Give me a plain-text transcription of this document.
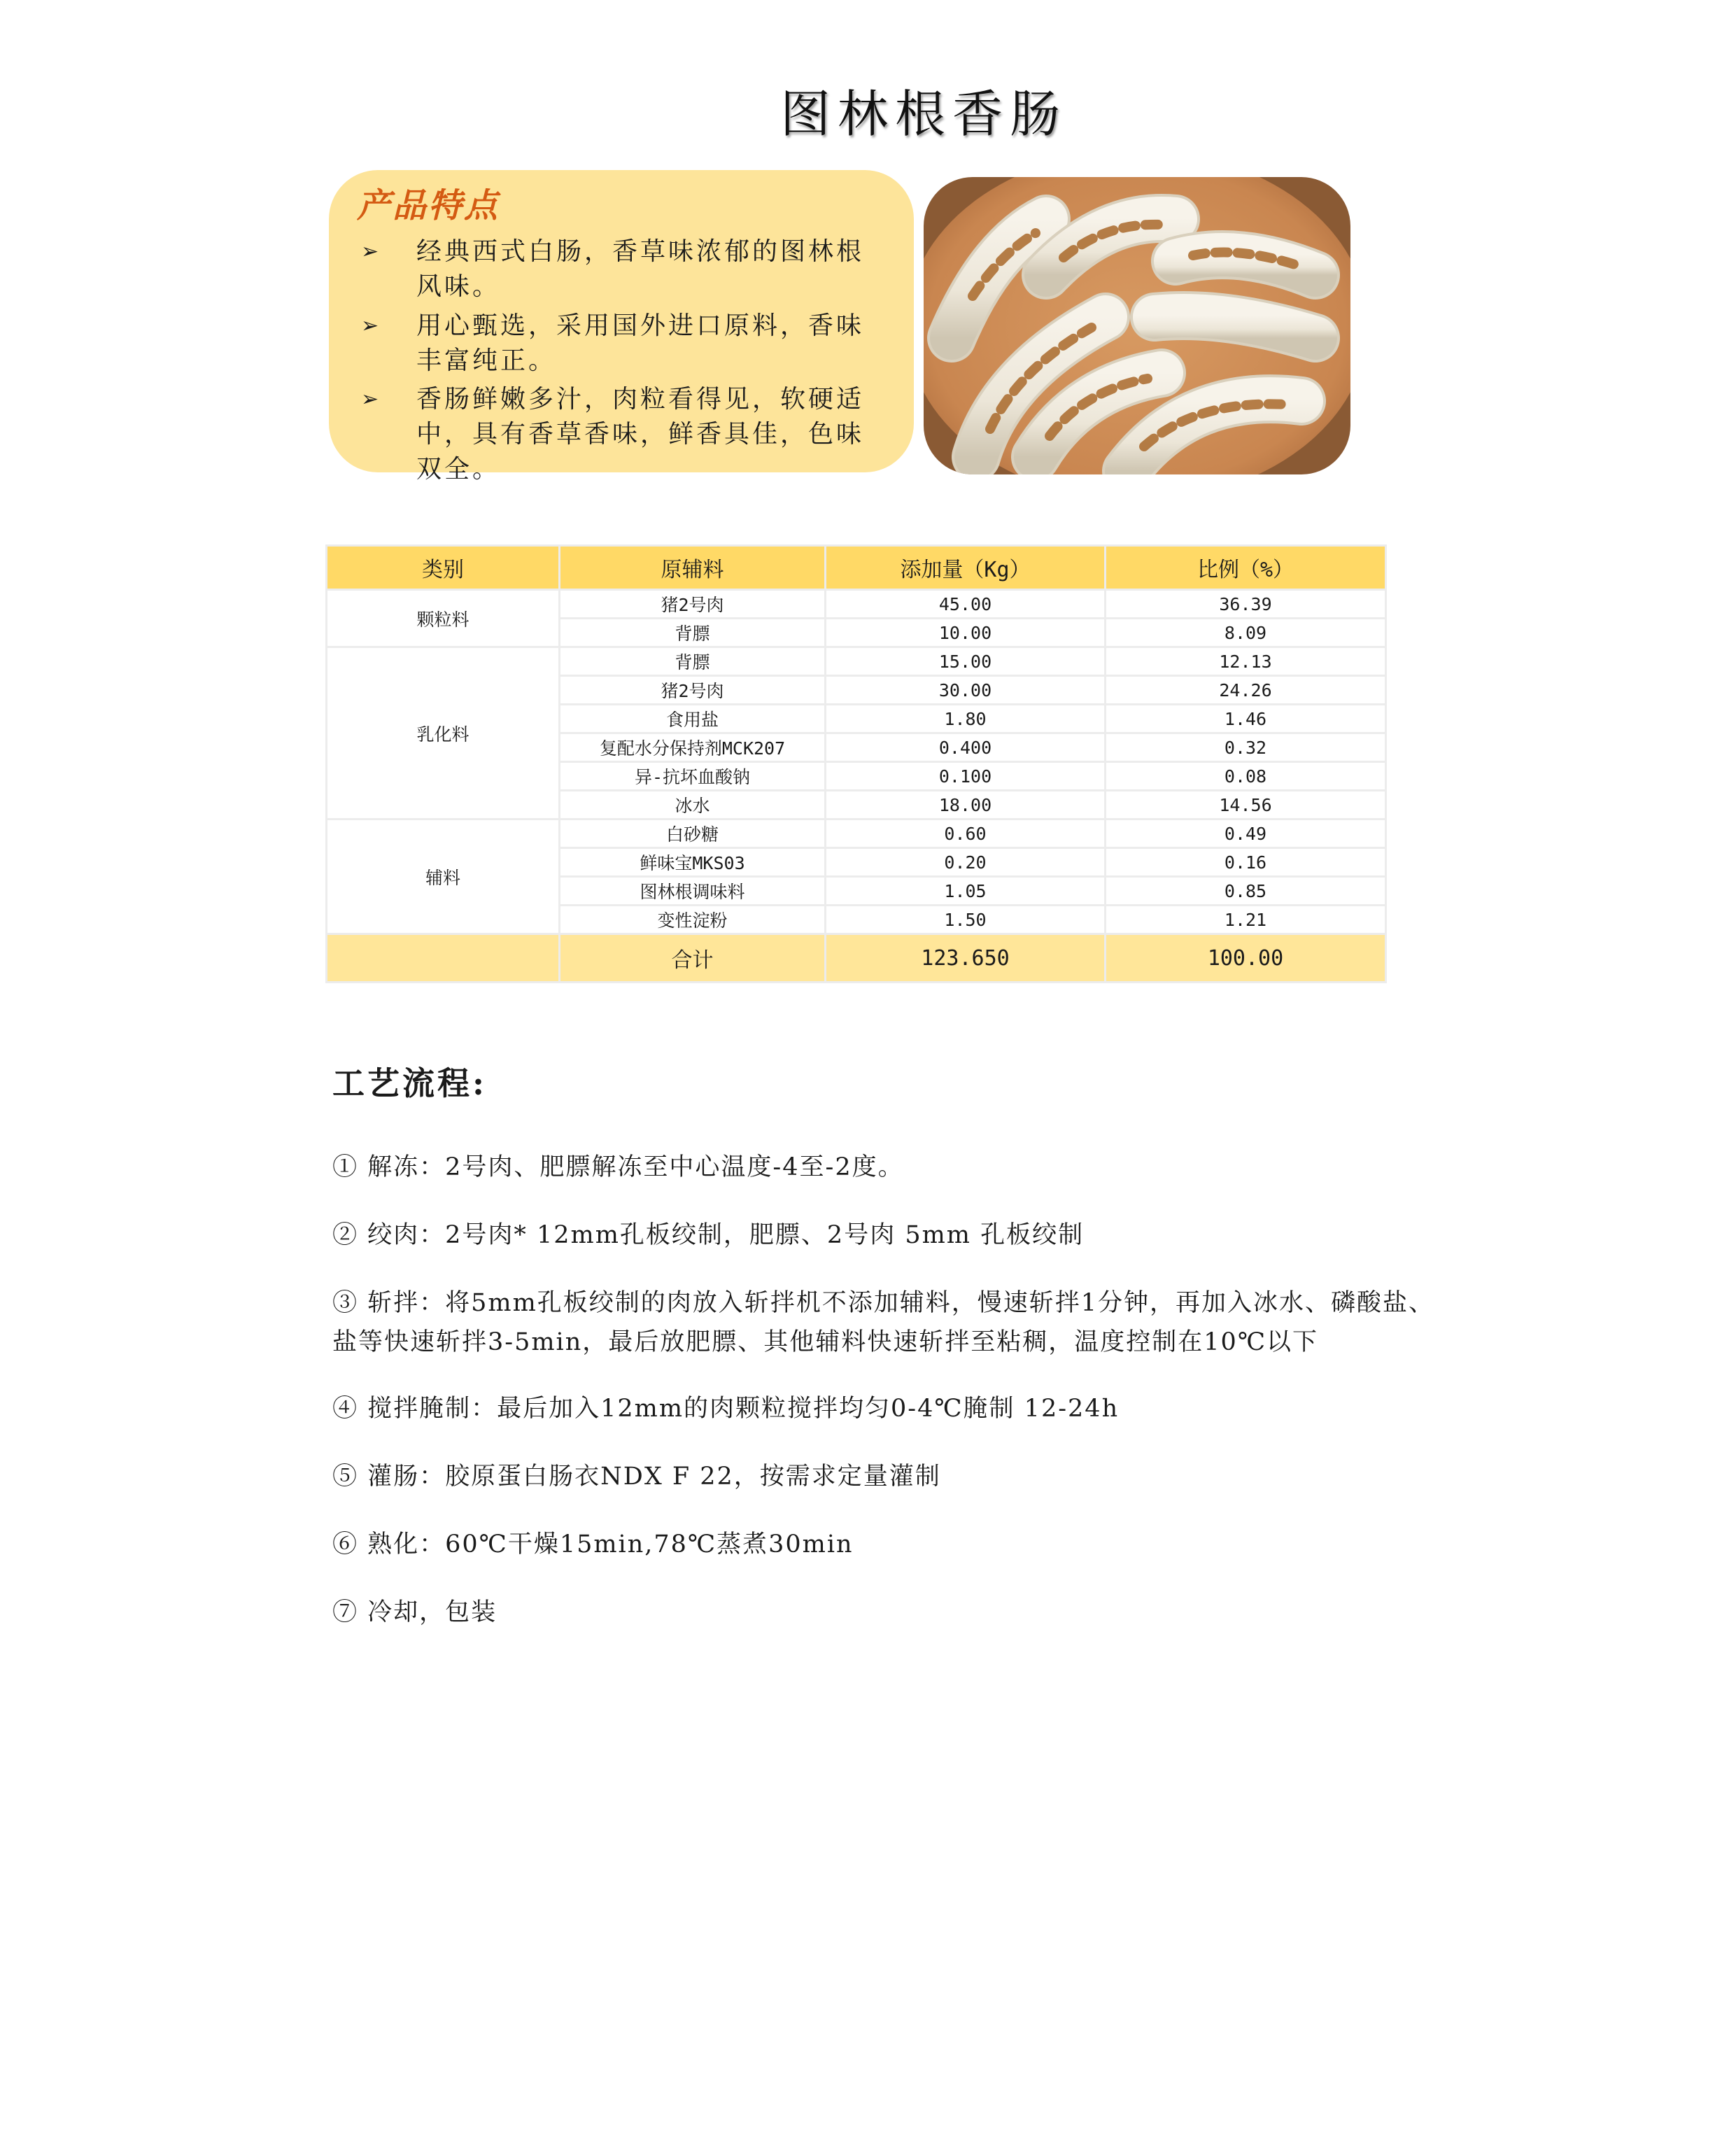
图林根香肠
产品特点
➢ 经典西式白肠，香草味浓郁的图林根风味。
➢ 用心甄选，采用国外进口原料，香味丰富纯正。
➢ 香肠鲜嫩多汁，肉粒看得见，软硬适中，具有香草香味，鲜香具佳，色味双全。
类别	原辅料	添加量（Kg）	比例（%）
颗粒料	猪2号肉	45.00	36.39
	背膘	10.00	8.09
乳化料	背膘	15.00	12.13
	猪2号肉	30.00	24.26
	食用盐	1.80	1.46
	复配水分保持剂MCK207	0.400	0.32
	异-抗坏血酸钠	0.100	0.08
	冰水	18.00	14.56
辅料	白砂糖	0.60	0.49
	鲜味宝MKS03	0.20	0.16
	图林根调味料	1.05	0.85
	变性淀粉	1.50	1.21
	合计	123.650	100.00
工艺流程:
① 解冻：2号肉、肥膘解冻至中心温度-4至-2度。
② 绞肉：2号肉* 12mm孔板绞制，肥膘、2号肉 5mm 孔板绞制
③ 斩拌：将5mm孔板绞制的肉放入斩拌机不添加辅料，慢速斩拌1分钟，再加入冰水、磷酸盐、盐等快速斩拌3-5min，最后放肥膘、其他辅料快速斩拌至粘稠，温度控制在10℃以下
④ 搅拌腌制：最后加入12mm的肉颗粒搅拌均匀0-4℃腌制 12-24h
⑤ 灌肠：胶原蛋白肠衣NDX F 22，按需求定量灌制
⑥ 熟化：60℃干燥15min,78℃蒸煮30min
⑦ 冷却，包装
